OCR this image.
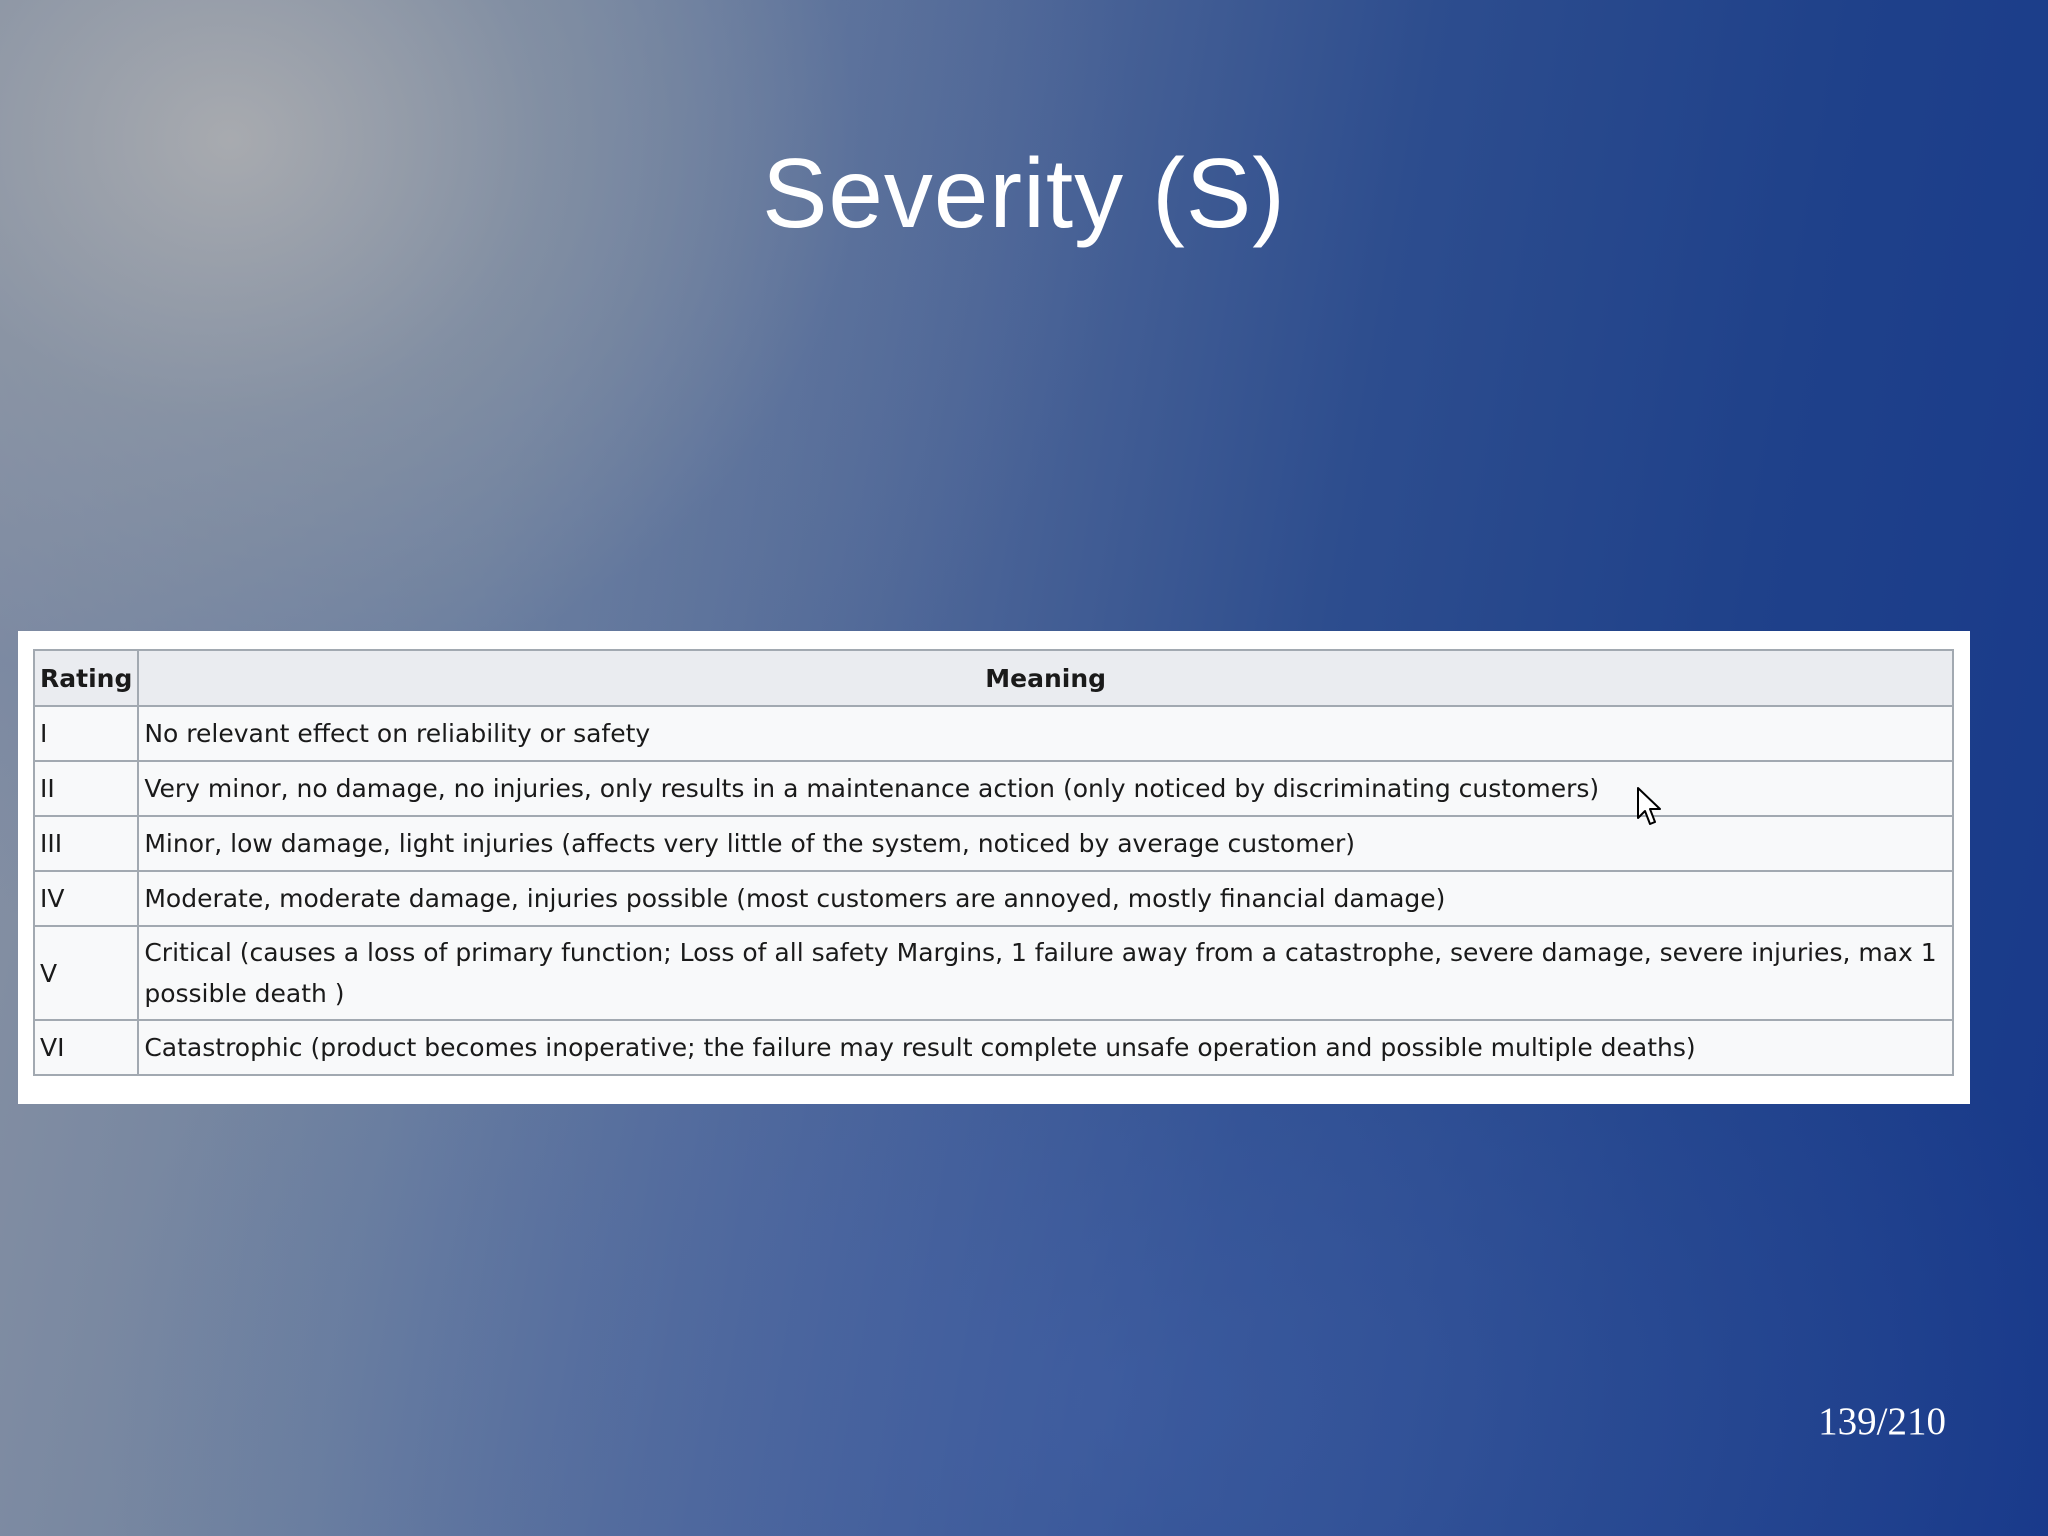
Severity (S)
Rating	Meaning
I	No relevant effect on reliability or safety
II	Very minor, no damage, no injuries, only results in a maintenance action (only noticed by discriminating customers)
III	Minor, low damage, light injuries (affects very little of the system, noticed by average customer)
IV	Moderate, moderate damage, injuries possible (most customers are annoyed, mostly financial damage)
V	Critical (causes a loss of primary function; Loss of all safety Margins, 1 failure away from a catastrophe, severe damage, severe injuries, max 1 possible death )
VI	Catastrophic (product becomes inoperative; the failure may result complete unsafe operation and possible multiple deaths)
139/210
